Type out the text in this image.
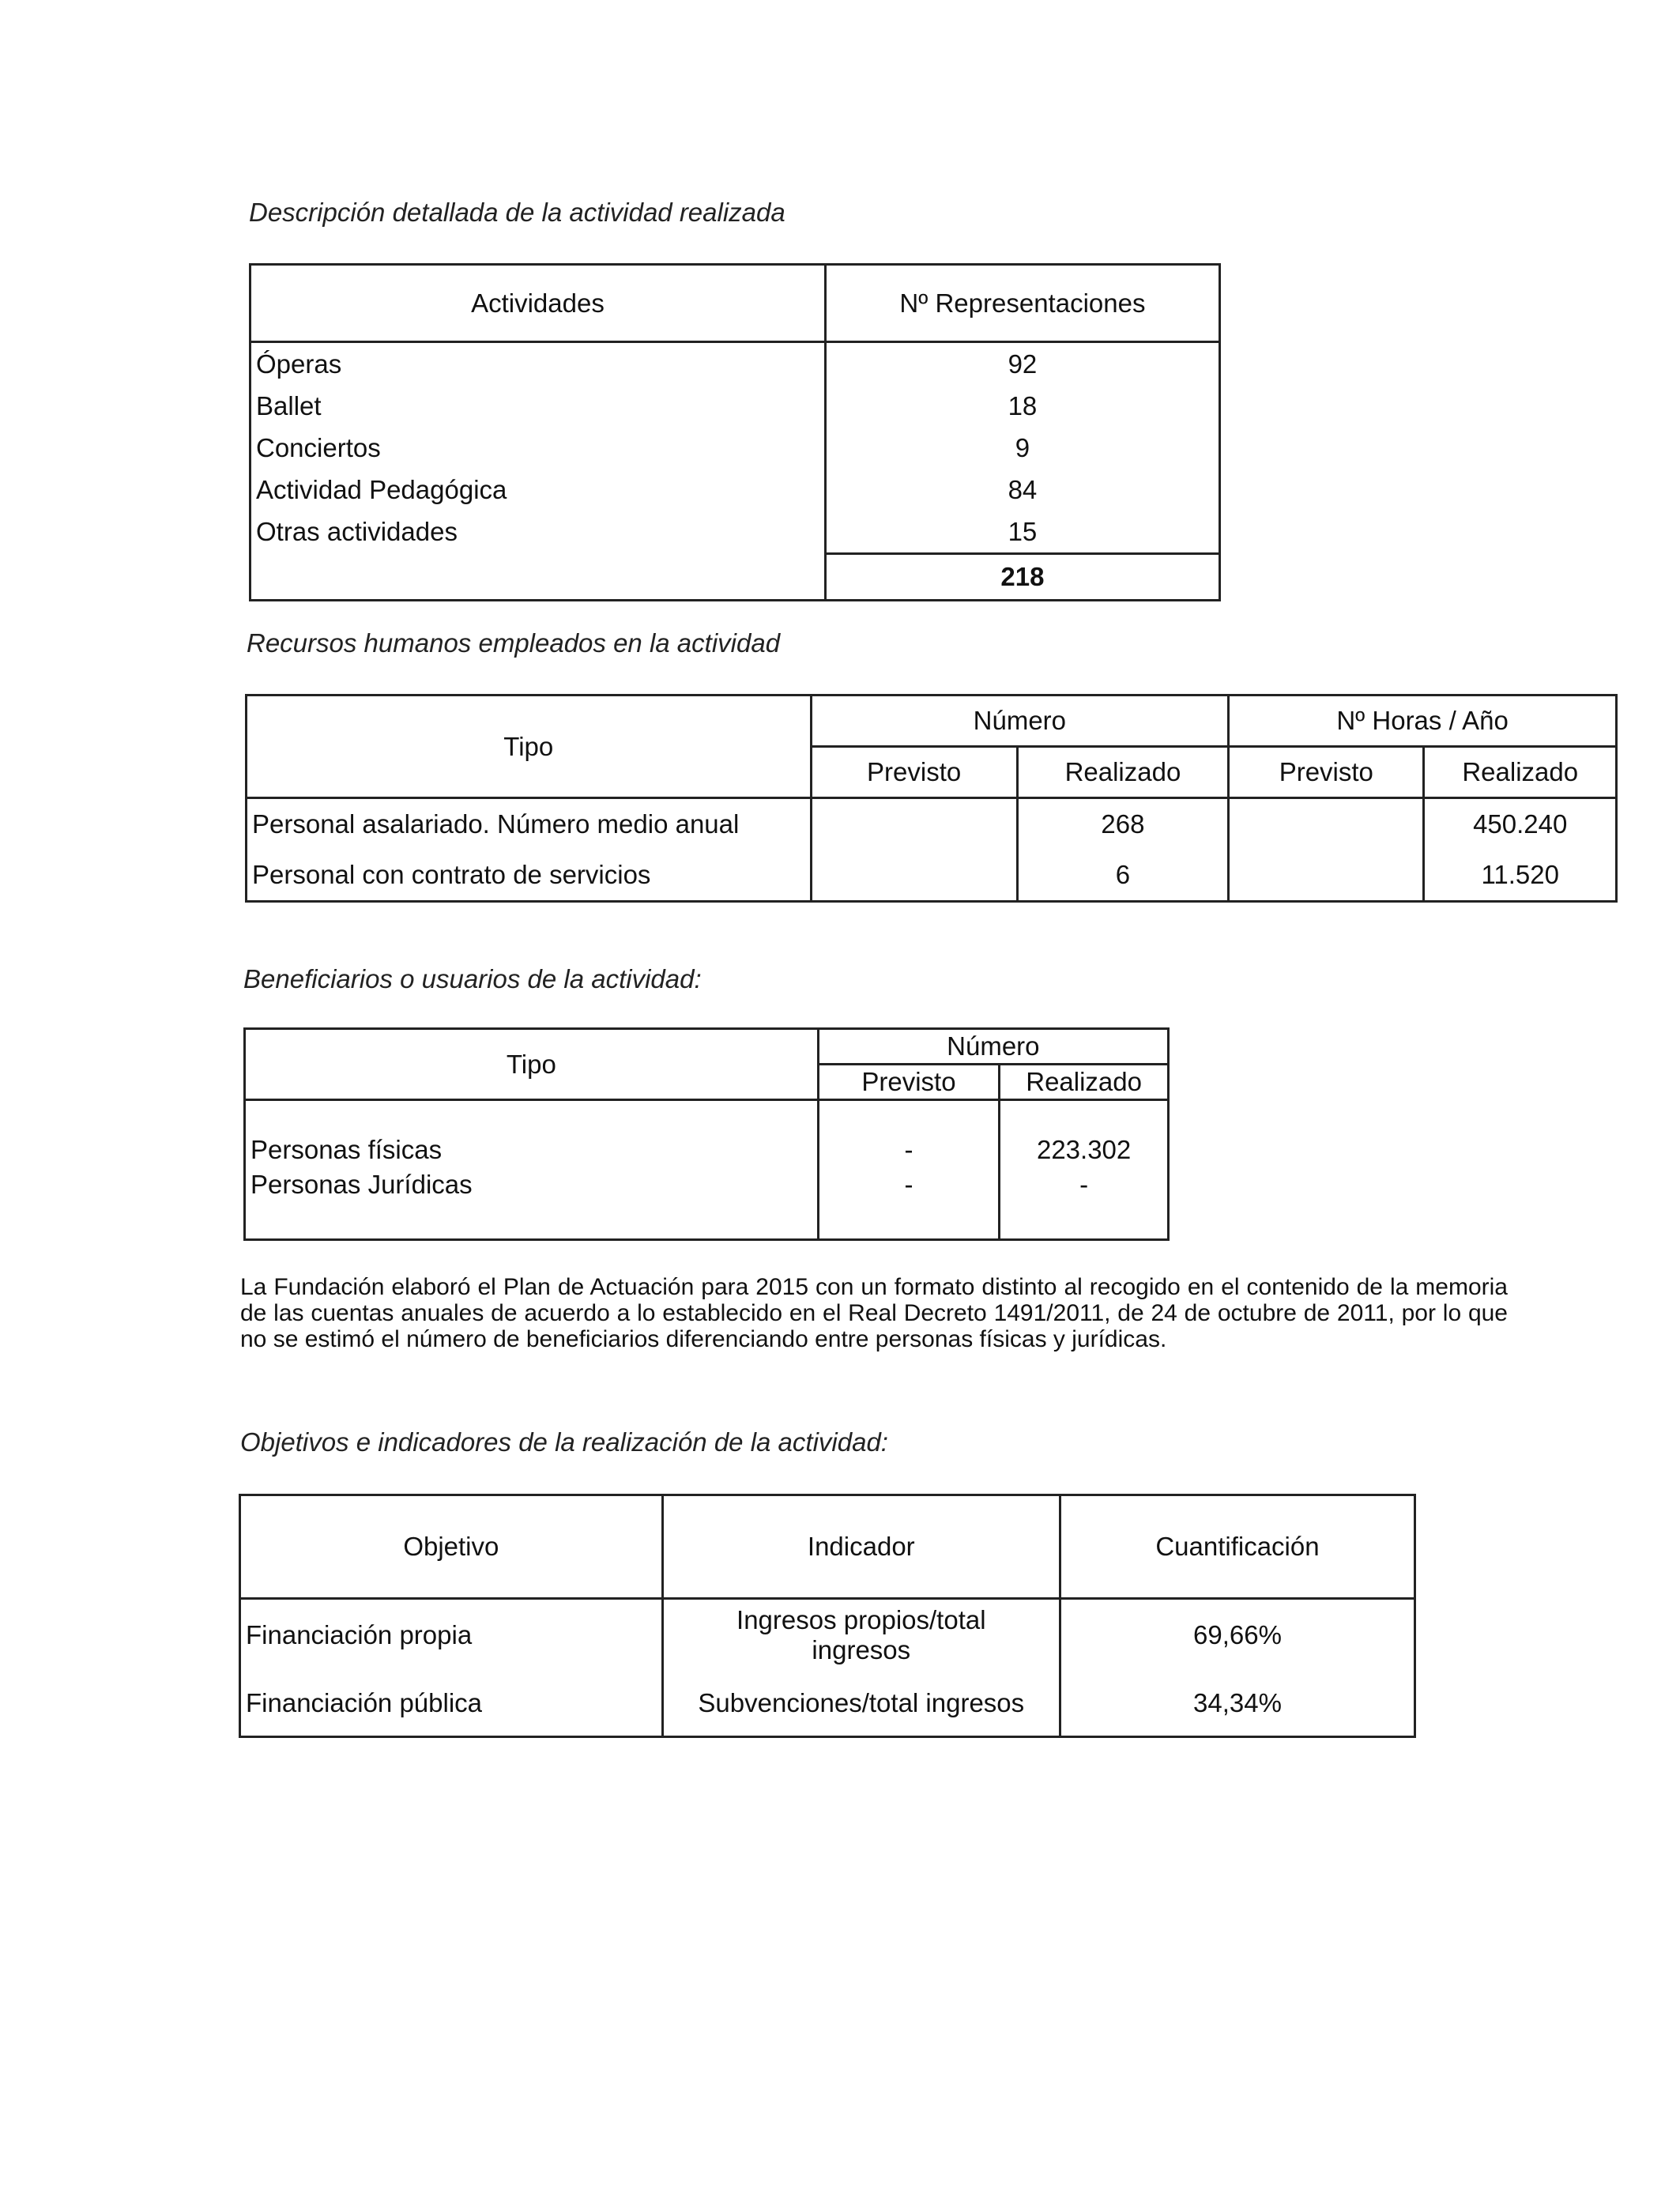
Descripción detallada de la actividad realizada
Actividades	Nº Representaciones
Óperas	92
Ballet	18
Conciertos	9
Actividad Pedagógica	84
Otras actividades	15
	218
Recursos humanos empleados en la actividad
Tipo	Número		Nº Horas / Año	
	Previsto	Realizado	Previsto	Realizado
Personal asalariado. Número medio anual		268		450.240
Personal con contrato de servicios		6		11.520
Beneficiarios o usuarios de la actividad:
Tipo	Número	
	Previsto	Realizado
Personas físicas	-	223.302
Personas Jurídicas	-	-
La Fundación elaboró el Plan de Actuación para 2015 con un formato distinto al recogido en el contenido de la memoria de las cuentas anuales de acuerdo a lo establecido en el Real Decreto 1491/2011, de 24 de octubre de 2011, por lo que no se estimó el número de beneficiarios diferenciando entre personas físicas y jurídicas.
Objetivos e indicadores de la realización de la actividad:
Objetivo	Indicador	Cuantificación
Financiación propia	Ingresos propios/total ingresos	69,66%
Financiación pública	Subvenciones/total ingresos	34,34%
